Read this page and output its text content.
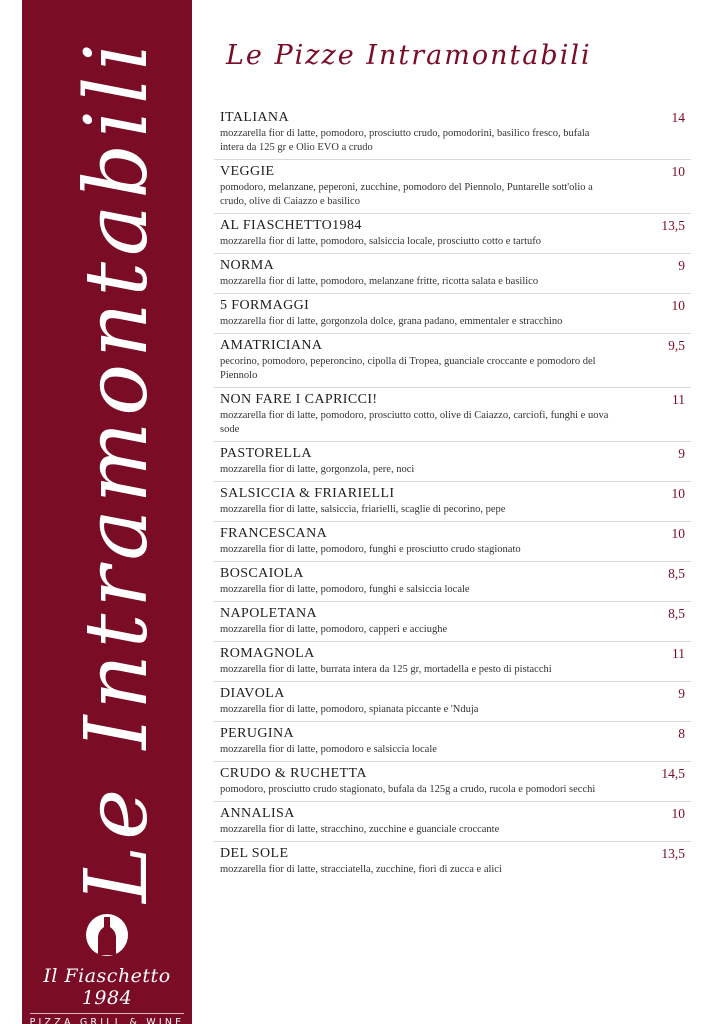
Le Intramontabili
Il Fiaschetto 1984
PIZZA GRILL & WINE
Le Pizze Intramontabili
ITALIANA
mozzarella fior di latte, pomodoro, prosciutto crudo, pomodorini, basilico fresco, bufala intera da 125 gr e Olio EVO a crudo
14
VEGGIE
pomodoro, melanzane, peperoni, zucchine, pomodoro del Piennolo, Puntarelle sott'olio a crudo, olive di Caiazzo e basilico
10
AL FIASCHETTO1984
mozzarella fior di latte, pomodoro, salsiccia locale, prosciutto cotto e tartufo
13,5
NORMA
mozzarella fior di latte, pomodoro, melanzane fritte, ricotta salata e basilico
9
5 FORMAGGI
mozzarella fior di latte, gorgonzola dolce, grana padano, emmentaler e stracchino
10
AMATRICIANA
pecorino, pomodoro, peperoncino, cipolla di Tropea, guanciale croccante e pomodoro del Piennolo
9,5
NON FARE I CAPRICCI!
mozzarella fior di latte, pomodoro, prosciutto cotto, olive di Caiazzo, carciofi, funghi e uova sode
11
PASTORELLA
mozzarella fior di latte, gorgonzola, pere, noci
9
SALSICCIA & FRIARIELLI
mozzarella fior di latte, salsiccia, friarielli, scaglie di pecorino, pepe
10
FRANCESCANA
mozzarella fior di latte, pomodoro, funghi e prosciutto crudo stagionato
10
BOSCAIOLA
mozzarella fior di latte, pomodoro, funghi e salsiccia locale
8,5
NAPOLETANA
mozzarella fior di latte, pomodoro, capperi e acciughe
8,5
ROMAGNOLA
mozzarella fior di latte, burrata intera da 125 gr, mortadella e pesto di pistacchi
11
DIAVOLA
mozzarella fior di latte, pomodoro, spianata piccante e 'Nduja
9
PERUGINA
mozzarella fior di latte, pomodoro e salsiccia locale
8
CRUDO & RUCHETTA
pomodoro, prosciutto crudo stagionato, bufala da 125g a crudo, rucola e pomodori secchi
14,5
ANNALISA
mozzarella fior di latte, stracchino, zucchine e guanciale croccante
10
DEL SOLE
mozzarella fior di latte, stracciatella, zucchine, fiori di zucca e alici
13,5
